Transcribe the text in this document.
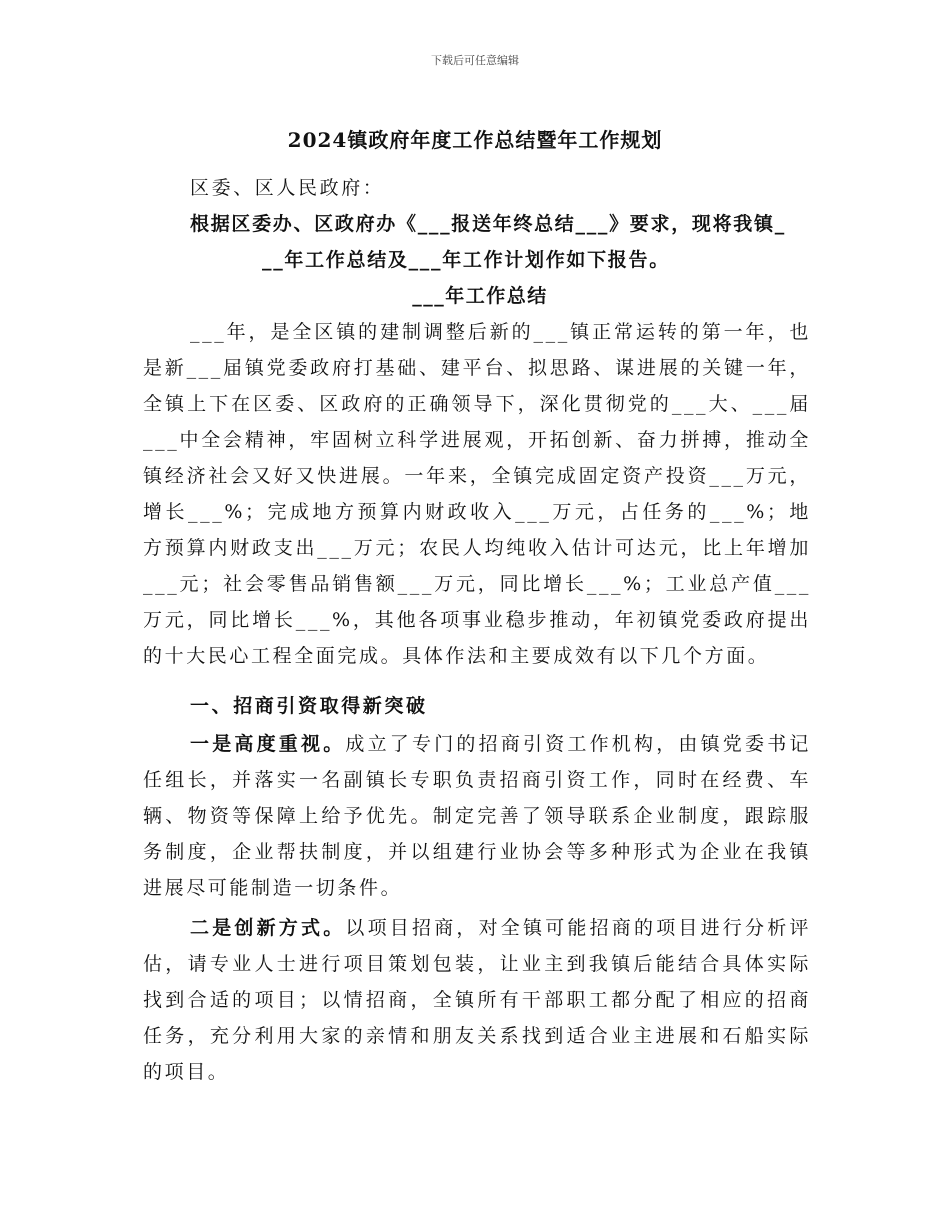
下载后可任意编辑
2024镇政府年度工作总结暨年工作规划

区委、区人民政府：

根据区委办、区政府办《___报送年终总结___》要求，现将我镇_

__年工作总结及___年工作计划作如下报告。

___年工作总结

___年，是全区镇的建制调整后新的___镇正常运转的第一年，也是新___届镇党委政府打基础、建平台、拟思路、谋进展的关键一年，全镇上下在区委、区政府的正确领导下，深化贯彻党的___大、___届___中全会精神，牢固树立科学进展观，开拓创新、奋力拼搏，推动全镇经济社会又好又快进展。一年来，全镇完成固定资产投资___万元，增长___%；完成地方预算内财政收入___万元，占任务的___%；地方预算内财政支出___万元；农民人均纯收入估计可达元，比上年增加___元；社会零售品销售额___万元，同比增长___%；工业总产值___万元，同比增长___%，其他各项事业稳步推动，年初镇党委政府提出的十大民心工程全面完成。具体作法和主要成效有以下几个方面。

一、招商引资取得新突破

一是高度重视。成立了专门的招商引资工作机构，由镇党委书记任组长，并落实一名副镇长专职负责招商引资工作，同时在经费、车辆、物资等保障上给予优先。制定完善了领导联系企业制度，跟踪服务制度，企业帮扶制度，并以组建行业协会等多种形式为企业在我镇进展尽可能制造一切条件。

二是创新方式。以项目招商，对全镇可能招商的项目进行分析评估，请专业人士进行项目策划包装，让业主到我镇后能结合具体实际找到合适的项目；以情招商，全镇所有干部职工都分配了相应的招商任务，充分利用大家的亲情和朋友关系找到适合业主进展和石船实际的项目。
